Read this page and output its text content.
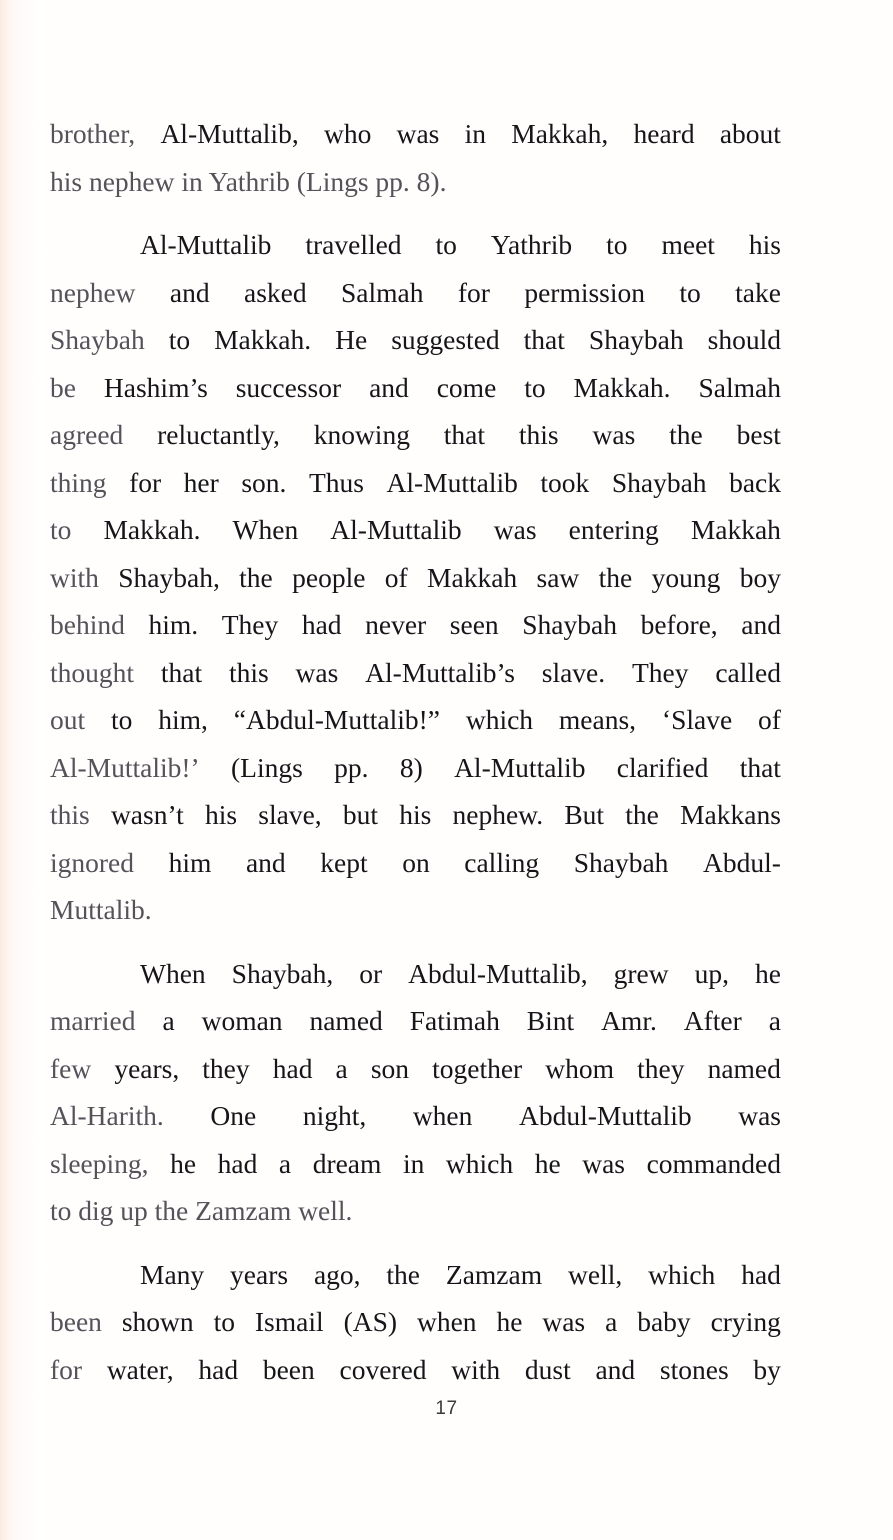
brother, Al-Muttalib, who was in Makkah, heard about
his nephew in Yathrib (Lings pp. 8).
Al-Muttalib travelled to Yathrib to meet his
nephew and asked Salmah for permission to take
Shaybah to Makkah. He suggested that Shaybah should
be Hashim’s successor and come to Makkah. Salmah
agreed reluctantly, knowing that this was the best
thing for her son. Thus Al-Muttalib took Shaybah back
to Makkah. When Al-Muttalib was entering Makkah
with Shaybah, the people of Makkah saw the young boy
behind him. They had never seen Shaybah before, and
thought that this was Al-Muttalib’s slave. They called
out to him, “Abdul-Muttalib!” which means, ‘Slave of
Al-Muttalib!’ (Lings pp. 8) Al-Muttalib clarified that
this wasn’t his slave, but his nephew. But the Makkans
ignored him and kept on calling Shaybah Abdul-
Muttalib.
When Shaybah, or Abdul-Muttalib, grew up, he
married a woman named Fatimah Bint Amr. After a
few years, they had a son together whom they named
Al-Harith. One night, when Abdul-Muttalib was
sleeping, he had a dream in which he was commanded
to dig up the Zamzam well.
Many years ago, the Zamzam well, which had
been shown to Ismail (AS) when he was a baby crying
for water, had been covered with dust and stones by
17
